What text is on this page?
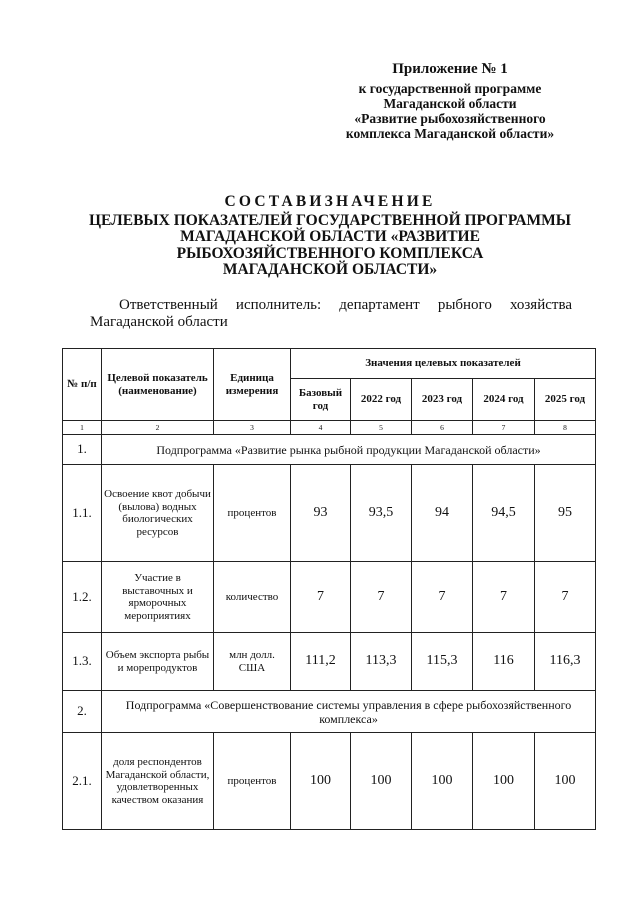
Приложение № 1
к государственной программе
Магаданской области
«Развитие рыбохозяйственного
комплекса Магаданской области»
СОСТАВИЗНАЧЕНИЕ
ЦЕЛЕВЫХ ПОКАЗАТЕЛЕЙ ГОСУДАРСТВЕННОЙ ПРОГРАММЫ
МАГАДАНСКОЙ ОБЛАСТИ «РАЗВИТИЕ
РЫБОХОЗЯЙСТВЕННОГО КОМПЛЕКСА
МАГАДАНСКОЙ ОБЛАСТИ»
Ответственный исполнитель: департамент рыбного хозяйства
Магаданской области
№ п/п	Целевой показатель (наименование)	Единица измерения	Значения целевых показателей				
			Базовый год	2022 год	2023 год	2024 год	2025 год
1	2	3	4	5	6	7	8
1.	Подпрограмма «Развитие рынка рыбной продукции Магаданской области»						
1.1.	Освоение квот добычи (вылова) водных биологических ресурсов	процентов	93	93,5	94	94,5	95
1.2.	Участие в выставочных и ярморочных мероприятиях	количество	7	7	7	7	7
1.3.	Объем экспорта рыбы и морепродуктов	млн долл. США	111,2	113,3	115,3	116	116,3
2.	Подпрограмма «Совершенствование системы управления в сфере рыбохозяйственного комплекса»						
2.1.	доля респондентов Магаданской области, удовлетворенных качеством оказания	процентов	100	100	100	100	100
